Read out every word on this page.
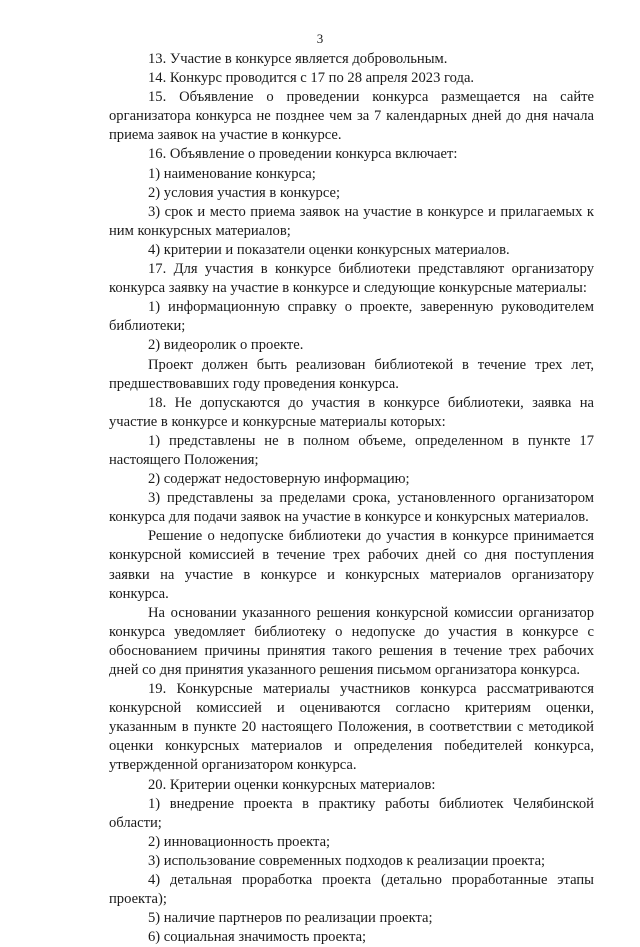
3

13. Участие в конкурсе является добровольным.

14. Конкурс проводится с 17 по 28 апреля 2023 года.

15. Объявление о проведении конкурса размещается на сайте организатора конкурса не позднее чем за 7 календарных дней до дня начала приема заявок на участие в конкурсе.

16. Объявление о проведении конкурса включает:

1) наименование конкурса;

2) условия участия в конкурсе;

3) срок и место приема заявок на участие в конкурсе и прилагаемых к ним конкурсных материалов;

4) критерии и показатели оценки конкурсных материалов.

17. Для участия в конкурсе библиотеки представляют организатору конкурса заявку на участие в конкурсе и следующие конкурсные материалы:

1) информационную справку о проекте, заверенную руководителем библиотеки;

2) видеоролик о проекте.

Проект должен быть реализован библиотекой в течение трех лет, предшествовавших году проведения конкурса.

18. Не допускаются до участия в конкурсе библиотеки, заявка на участие в конкурсе и конкурсные материалы которых:

1) представлены не в полном объеме, определенном в пункте 17 настоящего Положения;

2) содержат недостоверную информацию;

3) представлены за пределами срока, установленного организатором конкурса для подачи заявок на участие в конкурсе и конкурсных материалов.

Решение о недопуске библиотеки до участия в конкурсе принимается конкурсной комиссией в течение трех рабочих дней со дня поступления заявки на участие в конкурсе и конкурсных материалов организатору конкурса.

На основании указанного решения конкурсной комиссии организатор конкурса уведомляет библиотеку о недопуске до участия в конкурсе с обоснованием причины принятия такого решения в течение трех рабочих дней со дня принятия указанного решения письмом организатора конкурса.

19. Конкурсные материалы участников конкурса рассматриваются конкурсной комиссией и оцениваются согласно критериям оценки, указанным в пункте 20 настоящего Положения, в соответствии с методикой оценки конкурсных материалов и определения победителей конкурса, утвержденной организатором конкурса.

20. Критерии оценки конкурсных материалов:

1) внедрение проекта в практику работы библиотек Челябинской области;

2) инновационность проекта;

3) использование современных подходов к реализации проекта;

4) детальная проработка проекта (детально проработанные этапы проекта);

5) наличие партнеров по реализации проекта;

6) социальная значимость проекта;
